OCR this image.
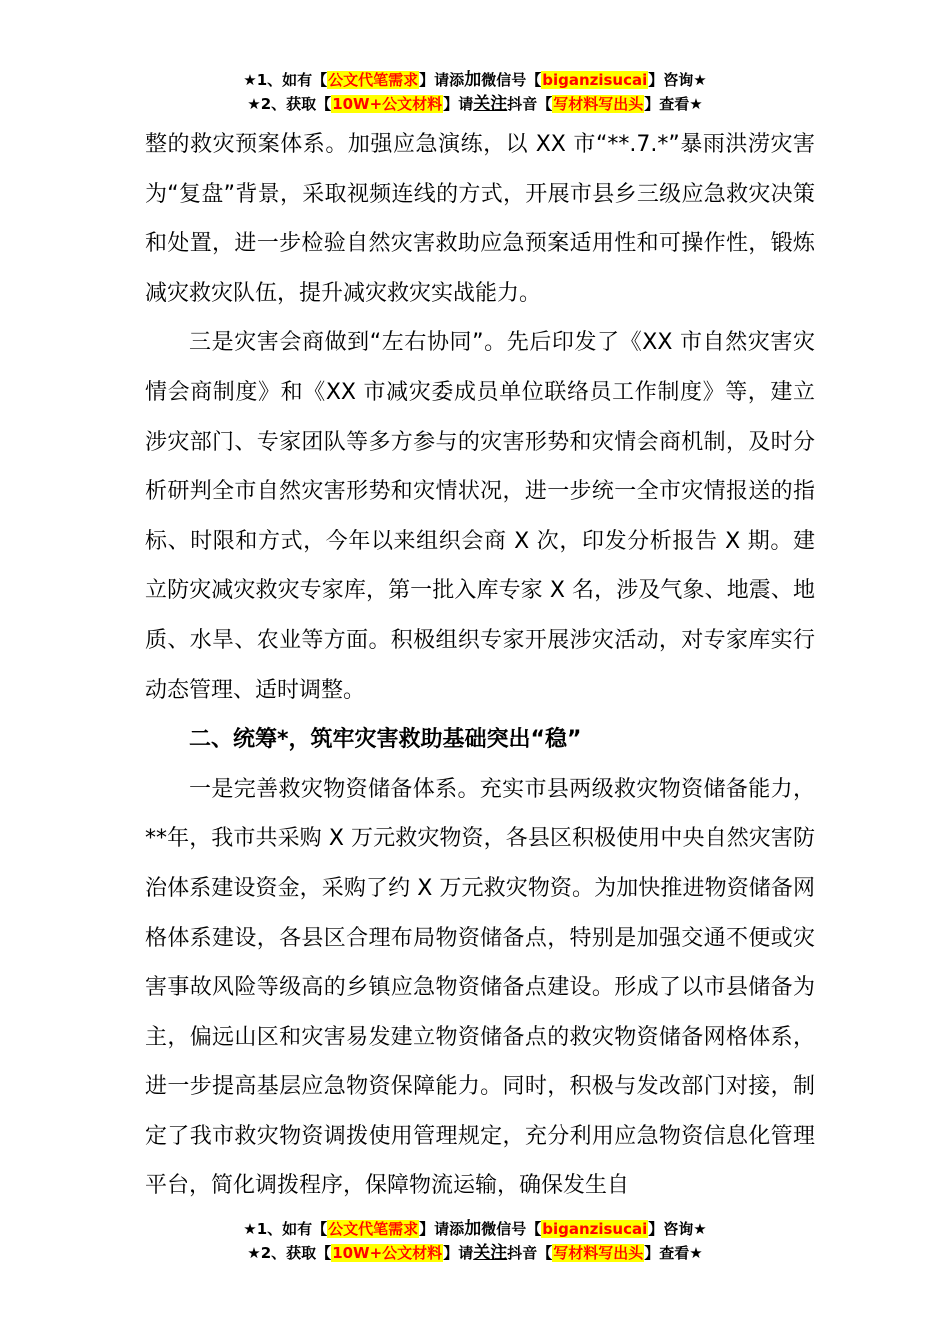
★1、如有【公文代笔需求】请添加微信号【biganzisucai】咨询★
★2、获取【10W+公文材料】请关注抖音【写材料写出头】查看★

整的救灾预案体系。加强应急演练，以 XX 市“**.7.*”暴雨洪涝灾害为“复盘”背景，采取视频连线的方式，开展市县乡三级应急救灾决策和处置，进一步检验自然灾害救助应急预案适用性和可操作性，锻炼减灾救灾队伍，提升减灾救灾实战能力。

三是灾害会商做到“左右协同”。先后印发了《XX 市自然灾害灾情会商制度》和《XX 市减灾委成员单位联络员工作制度》等，建立涉灾部门、专家团队等多方参与的灾害形势和灾情会商机制，及时分析研判全市自然灾害形势和灾情状况，进一步统一全市灾情报送的指标、时限和方式，今年以来组织会商 X 次，印发分析报告 X 期。建立防灾减灾救灾专家库，第一批入库专家 X 名，涉及气象、地震、地质、水旱、农业等方面。积极组织专家开展涉灾活动，对专家库实行动态管理、适时调整。

二、统筹*，筑牢灾害救助基础突出“稳”

一是完善救灾物资储备体系。充实市县两级救灾物资储备能力，**年，我市共采购 X 万元救灾物资，各县区积极使用中央自然灾害防治体系建设资金，采购了约 X 万元救灾物资。为加快推进物资储备网格体系建设，各县区合理布局物资储备点，特别是加强交通不便或灾害事故风险等级高的乡镇应急物资储备点建设。形成了以市县储备为主，偏远山区和灾害易发建立物资储备点的救灾物资储备网格体系，进一步提高基层应急物资保障能力。同时，积极与发改部门对接，制定了我市救灾物资调拨使用管理规定，充分利用应急物资信息化管理平台，简化调拨程序，保障物流运输，确保发生自

★1、如有【公文代笔需求】请添加微信号【biganzisucai】咨询★
★2、获取【10W+公文材料】请关注抖音【写材料写出头】查看★
